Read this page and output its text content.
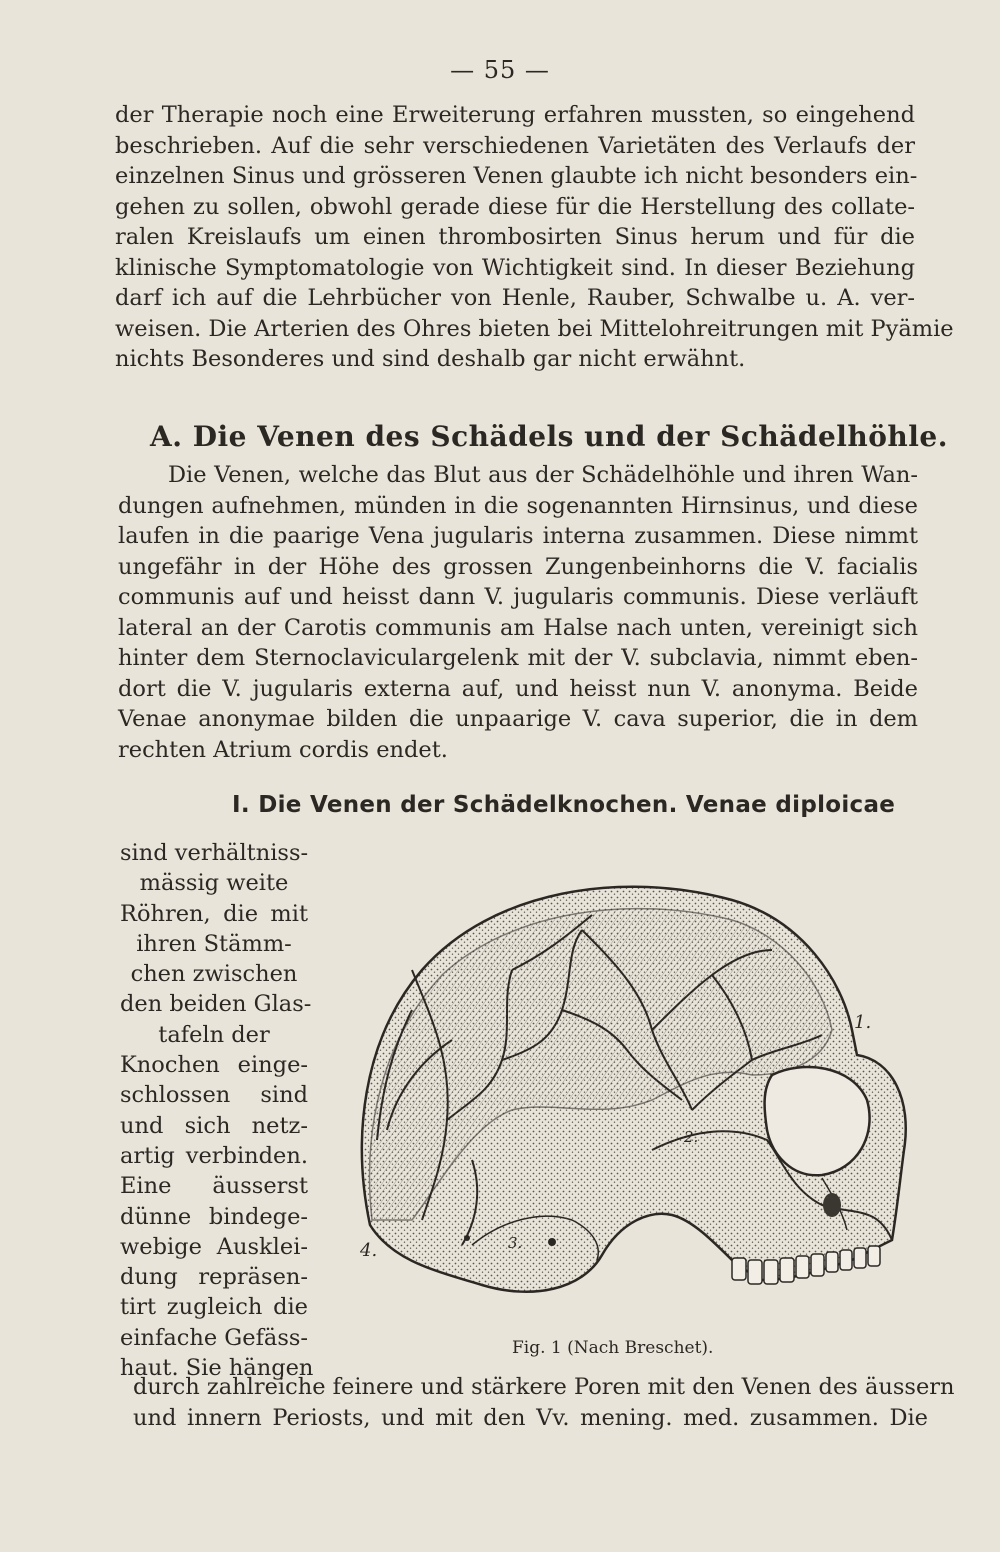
— 55 —
der Therapie noch eine Erweiterung erfahren mussten, so eingehend
beschrieben. Auf die sehr verschiedenen Varietäten des Verlaufs der
einzelnen Sinus und grösseren Venen glaubte ich nicht besonders ein-
gehen zu sollen, obwohl gerade diese für die Herstellung des collate-
ralen Kreislaufs um einen thrombosirten Sinus herum und für die
klinische Symptomatologie von Wichtigkeit sind. In dieser Beziehung
darf ich auf die Lehrbücher von Henle, Rauber, Schwalbe u. A. ver-
weisen. Die Arterien des Ohres bieten bei Mittelohreitrungen mit Pyämie
nichts Besonderes und sind deshalb gar nicht erwähnt.
A. Die Venen des Schädels und der Schädelhöhle.
Die Venen, welche das Blut aus der Schädelhöhle und ihren Wan-
dungen aufnehmen, münden in die sogenannten Hirnsinus, und diese
laufen in die paarige Vena jugularis interna zusammen. Diese nimmt
ungefähr in der Höhe des grossen Zungenbeinhorns die V. facialis
communis auf und heisst dann V. jugularis communis. Diese verläuft
lateral an der Carotis communis am Halse nach unten, vereinigt sich
hinter dem Sternoclaviculargelenk mit der V. subclavia, nimmt eben-
dort die V. jugularis externa auf, und heisst nun V. anonyma. Beide
Venae anonymae bilden die unpaarige V. cava superior, die in dem
rechten Atrium cordis endet.
I. Die Venen der Schädelknochen. Venae diploicae
sind verhältniss-
mässig weite
Röhren, die mit
ihren Stämm-
chen zwischen
den beiden Glas-
tafeln der
Knochen einge-
schlossen sind
und sich netz-
artig verbinden.
Eine äusserst
dünne bindege-
webige Ausklei-
dung repräsen-
tirt zugleich die
einfache Gefäss-
haut. Sie hängen
1.
2.
3.
4.
Fig. 1 (Nach Breschet).
durch zahlreiche feinere und stärkere Poren mit den Venen des äussern
und innern Periosts, und mit den Vv. mening. med. zusammen. Die
